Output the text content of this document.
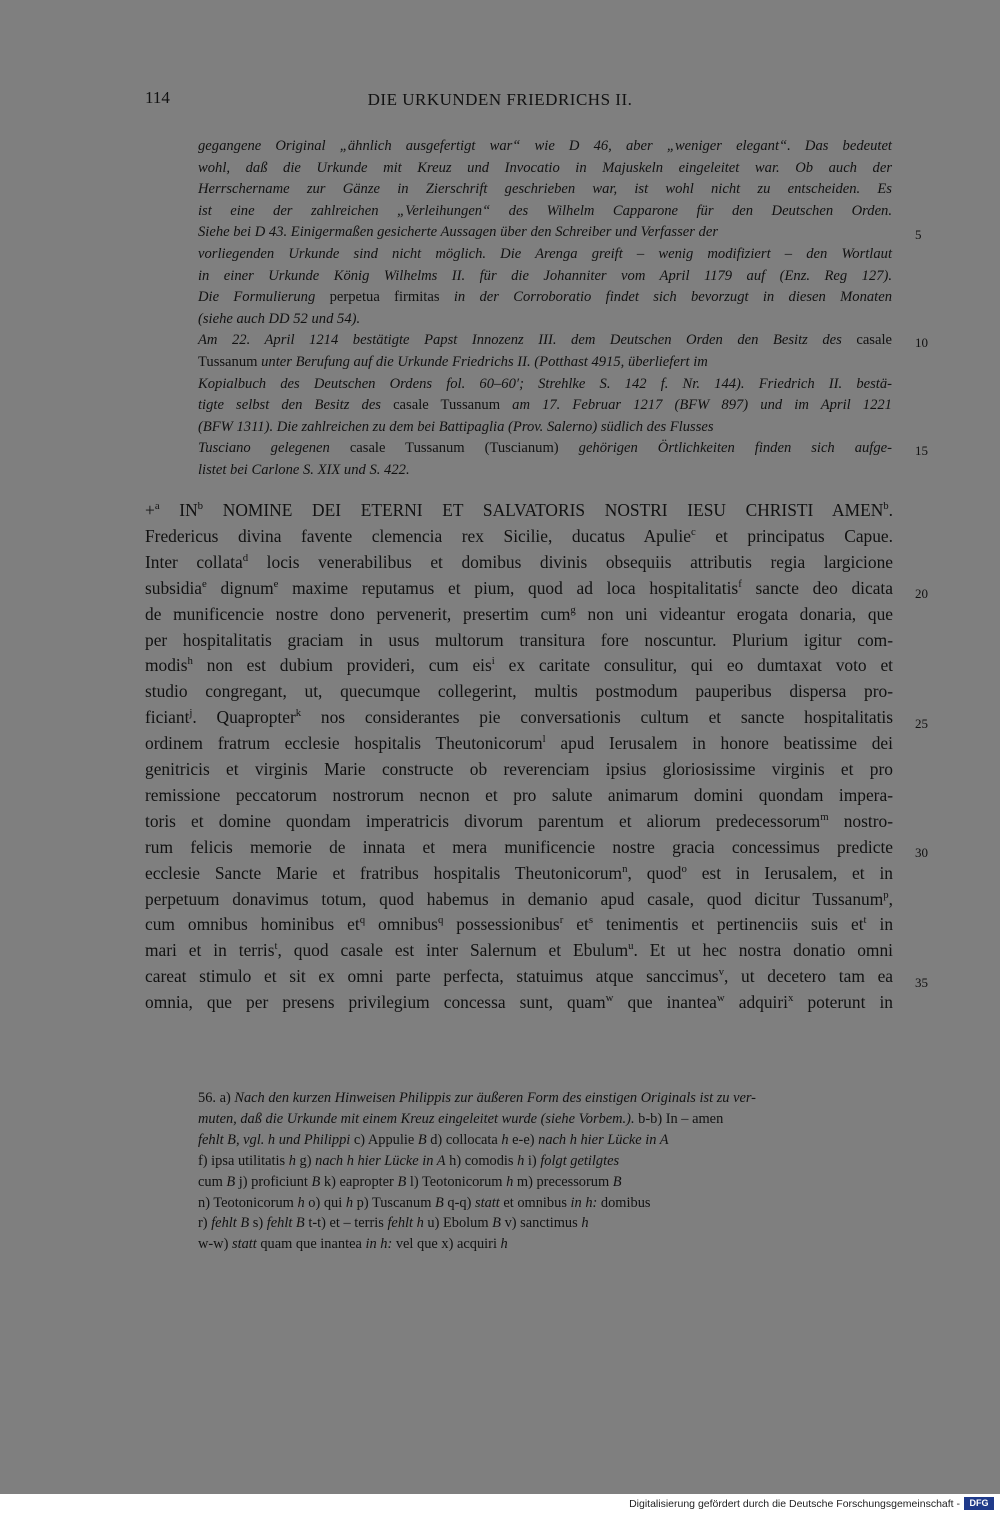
114	DIE URKUNDEN FRIEDRICHS II.
gegangene Original „ähnlich ausgefertigt war“ wie D 46, aber „weniger elegant“. Das bedeutet
wohl, daß die Urkunde mit Kreuz und Invocatio in Majuskeln eingeleitet war. Ob auch der
Herrschername zur Gänze in Zierschrift geschrieben war, ist wohl nicht zu entscheiden. Es
ist eine der zahlreichen „Verleihungen“ des Wilhelm Capparone für den Deutschen Orden.
Siehe bei D 43. Einigermaßen gesicherte Aussagen über den Schreiber und Verfasser der
vorliegenden Urkunde sind nicht möglich. Die Arenga greift – wenig modifiziert – den Wortlaut
in einer Urkunde König Wilhelms II. für die Johanniter vom April 1179 auf (Enz. Reg 127).
Die Formulierung perpetua firmitas in der Corroboratio findet sich bevorzugt in diesen Monaten
(siehe auch DD 52 und 54).
Am 22. April 1214 bestätigte Papst Innozenz III. dem Deutschen Orden den Besitz des casale
Tussanum unter Berufung auf die Urkunde Friedrichs II. (Potthast 4915, überliefert im
Kopialbuch des Deutschen Ordens fol. 60–60′; Strehlke S. 142 f. Nr. 144). Friedrich II. bestä-
tigte selbst den Besitz des casale Tussanum am 17. Februar 1217 (BFW 897) und im April 1221
(BFW 1311). Die zahlreichen zu dem bei Battipaglia (Prov. Salerno) südlich des Flusses
Tusciano gelegenen casale Tussanum (Tuscianum) gehörigen Örtlichkeiten finden sich aufge-
listet bei Carlone S. XIX und S. 422.
5
10
15
+$^a$ $IN^b$ NOMINE DEI ETERNI ET SALVATORIS NOSTRI IESU CHRISTI AMEN$^b$.
Fredericus divina favente clemencia rex Sicilie, ducatus Apulie$^c$ et principatus Capue.
Inter collata$^d$ locis venerabilibus et domibus divinis obsequiis attributis regia largicione
subsidia$^e$ dignum$^e$ maxime reputamus et pium, quod ad loca hospitalitatis$^f$ sancte deo dicata
de munificencie nostre dono pervenerit, presertim cum$^g$ non uni videantur erogata donaria, que
per hospitalitatis graciam in usus multorum transitura fore noscuntur. Plurium igitur com-
modis$^h$ non est dubium provideri, cum eis$^i$ ex caritate consulitur, qui eo dumtaxat voto et
studio congregant, ut, quecumque collegerint, multis postmodum pauperibus dispersa pro-
ficiant$^j$. Quapropter$^k$ nos considerantes pie conversationis cultum et sancte hospitalitatis
ordinem fratrum ecclesie hospitalis Theutonicorum$^l$ apud Ierusalem in honore beatissime dei
genitricis et virginis Marie constructe ob reverenciam ipsius gloriosissime virginis et pro
remissione peccatorum nostrorum necnon et pro salute animarum domini quondam impera-
toris et domine quondam imperatricis divorum parentum et aliorum predecessorum$^m$ nostro-
rum felicis memorie de innata et mera munificencie nostre gracia concessimus predicte
ecclesie Sancte Marie et fratribus hospitalis Theutonicorum$^n$, quod$^o$ est in Ierusalem, et in
perpetuum donavimus totum, quod habemus in demanio apud casale, quod dicitur Tussanum$^p$,
cum omnibus hominibus $et^q$ omnibus$^q$ possessionibus$^r$ $et^s$ tenimentis et pertinenciis suis $et^t$ in
mari et in terris$^t$, quod casale est inter Salernum et Ebulum$^u$. Et ut hec nostra donatio omni
careat stimulo et sit ex omni parte perfecta, statuimus atque sanccimus$^v$, ut decetero tam ea
omnia, que per presens privilegium concessa sunt, quam$^w$ que inantea$^w$ adquiri$^x$ poterunt in
20
25
30
35
56. a) Nach den kurzen Hinweisen Philippis zur äußeren Form des einstigen Originals ist zu ver-
muten, daß die Urkunde mit einem Kreuz eingeleitet wurde (siehe Vorbem.). b-b) In – amen
fehlt B, vgl. h und Philippi c) Appulie B d) collocata h e-e) nach h hier Lücke in A
f) ipsa utilitatis h g) nach h hier Lücke in A h) comodis h i) folgt getilgtes
cum B j) proficiunt B k) eapropter B l) Teotonicorum h m) precessorum B
n) Teotonicorum h o) qui h p) Tuscanum B q-q) statt et omnibus in h: domibus
r) fehlt B s) fehlt B t-t) et – terris fehlt h u) Ebolum B v) sanctimus h
w-w) statt quam que inantea in h: vel que x) acquiri h
Digitalisierung gefördert durch die Deutsche Forschungsgemeinschaft -	DFG
